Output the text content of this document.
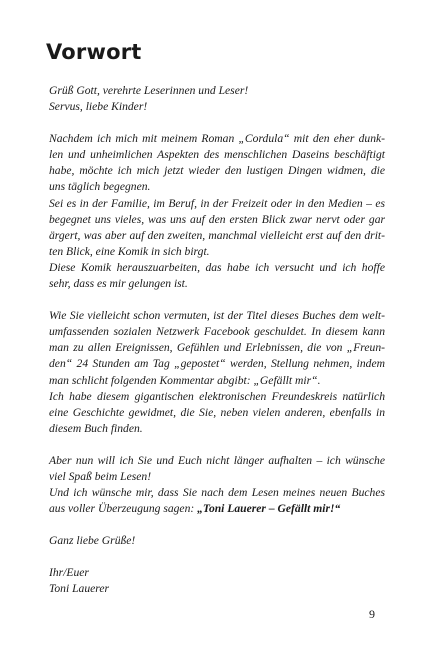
Vorwort
Grüß Gott, verehrte Leserinnen und Leser!
Servus, liebe Kinder!
Nachdem ich mich mit meinem Roman „Cordula“ mit den eher dunk-
len und unheimlichen Aspekten des menschlichen Daseins beschäftigt
habe, möchte ich mich jetzt wieder den lustigen Dingen widmen, die
uns täglich begegnen.
Sei es in der Familie, im Beruf, in der Freizeit oder in den Medien – es
begegnet uns vieles, was uns auf den ersten Blick zwar nervt oder gar
ärgert, was aber auf den zweiten, manchmal vielleicht erst auf den drit-
ten Blick, eine Komik in sich birgt.
Diese Komik herauszuarbeiten, das habe ich versucht und ich hoffe
sehr, dass es mir gelungen ist.
Wie Sie vielleicht schon vermuten, ist der Titel dieses Buches dem welt-
umfassenden sozialen Netzwerk Facebook geschuldet. In diesem kann
man zu allen Ereignissen, Gefühlen und Erlebnissen, die von „Freun-
den“ 24 Stunden am Tag „gepostet“ werden, Stellung nehmen, indem
man schlicht folgenden Kommentar abgibt: „Gefällt mir“.
Ich habe diesem gigantischen elektronischen Freundeskreis natürlich
eine Geschichte gewidmet, die Sie, neben vielen anderen, ebenfalls in
diesem Buch finden.
Aber nun will ich Sie und Euch nicht länger aufhalten – ich wünsche
viel Spaß beim Lesen!
Und ich wünsche mir, dass Sie nach dem Lesen meines neuen Buches
aus voller Überzeugung sagen: „Toni Lauerer – Gefällt mir!“
Ganz liebe Grüße!
Ihr/Euer
Toni Lauerer
9
